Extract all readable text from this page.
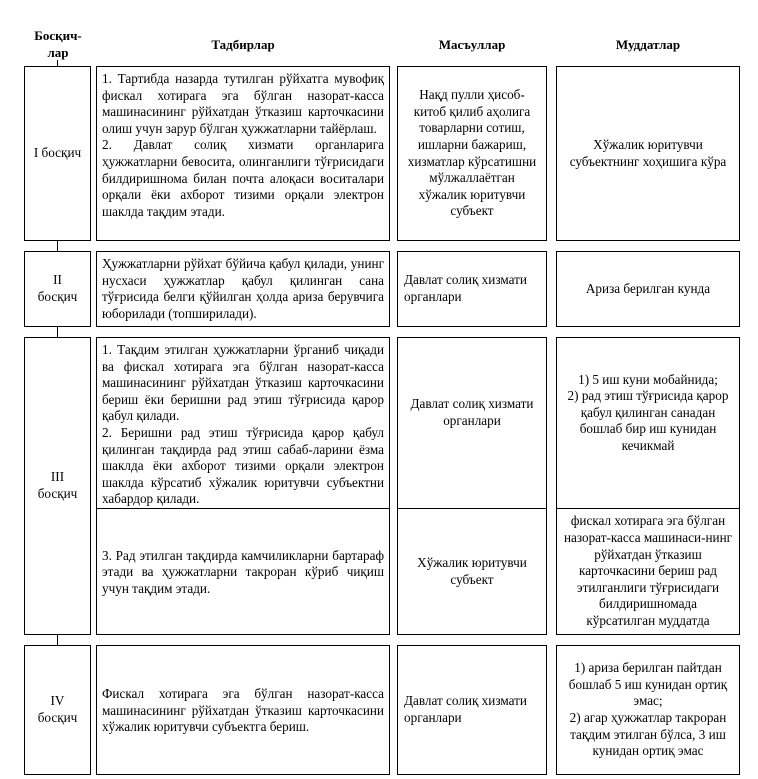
Босқич-
лар
Тадбирлар	Масъуллар	Муддатлар
I босқич

1. Тартибда назарда тутилган рўйхатга мувофиқ фискал хотирага эга бўлган назорат-касса машинасининг рўйхатдан ўтказиш карточкасини олиш учун зарур бўлган ҳужжатларни тайёрлаш.

2. Давлат солиқ хизмати органларига ҳужжатларни бевосита, олинганлиги тўғрисидаги билдиришнома билан почта алоқаси воситалари орқали ёки ахборот тизими орқали электрон шаклда тақдим этади.

Нақд пулли ҳисоб-китоб қилиб аҳолига товарларни сотиш, ишларни бажариш, хизматлар кўрсатишни мўлжаллаётган хўжалик юритувчи субъект
Хўжалик юритувчи субъектнинг хоҳишига кўра
II
босқич

Ҳужжатларни рўйхат бўйича қабул қилади, унинг нусхаси ҳужжатлар қабул қилинган сана тўғрисида белги қўйилган ҳолда ариза берувчига юборилади (топширилади).

Давлат солиқ хизмати органлари
Ариза берилган кунда
III
босқич

1. Тақдим этилган ҳужжатларни ўрганиб чиқади ва фискал хотирага эга бўлган назорат-касса машинасининг рўйхатдан ўтказиш карточкасини бериш ёки беришни рад этиш тўғрисида қарор қабул қилади.

2. Беришни рад этиш тўғрисида қарор қабул қилинган тақдирда рад этиш сабаб-ларини ёзма шаклда ёки ахборот тизими орқали электрон шаклда кўрсатиб хўжалик юритувчи субъектни хабардор қилади.

3. Рад этилган тақдирда камчиликларни бартараф этади ва ҳужжатларни такроран кўриб чиқиш учун тақдим этади.

Давлат солиқ хизмати органлари
Хўжалик юритувчи субъект

1) 5 иш куни мобайнида;

2) рад этиш тўғрисида қарор қабул қилинган санадан бошлаб бир иш кунидан кечикмай

фискал хотирага эга бўлган назорат-касса машинаси-нинг рўйхатдан ўтказиш карточкасини бериш рад этилганлиги тўғрисидаги билдиришномада кўрсатилган муддатда
IV
босқич

Фискал хотирага эга бўлган назорат-касса машинасининг рўйхатдан ўтказиш карточкасини хўжалик юритувчи субъектга бериш.

Давлат солиқ хизмати органлари

1) ариза берилган пайтдан бошлаб 5 иш кунидан ортиқ эмас;

2) агар ҳужжатлар такроран тақдим этилган бўлса, 3 иш кунидан ортиқ эмас
